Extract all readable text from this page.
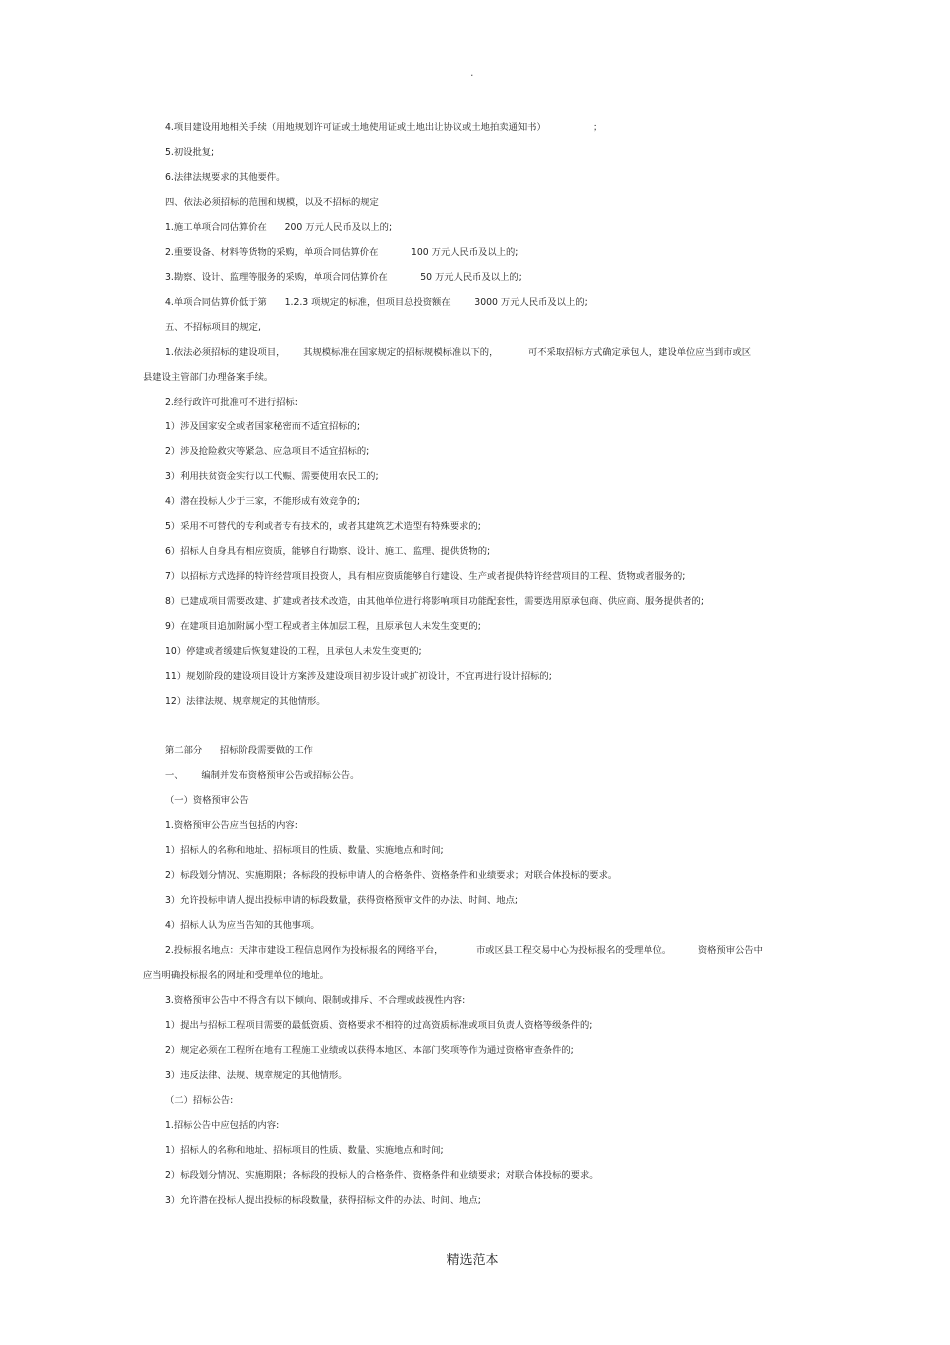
.
4.项目建设用地相关手续（用地规划许可证或土地使用证或土地出让协议或土地拍卖通知书）                ；
5.初设批复;
6.法律法规要求的其他要件。
四、依法必须招标的范围和规模，以及不招标的规定
1.施工单项合同估算价在      200 万元人民币及以上的;
2.重要设备、材料等货物的采购，单项合同估算价在           100 万元人民币及以上的;
3.勘察、设计、监理等服务的采购，单项合同估算价在           50 万元人民币及以上的;
4.单项合同估算价低于第      1.2.3 项规定的标准，但项目总投资额在        3000 万元人民币及以上的;
五、不招标项目的规定,
1.依法必须招标的建设项目，      其规模标准在国家规定的招标规模标准以下的，          可不采取招标方式确定承包人，建设单位应当到市或区
县建设主管部门办理备案手续。
2.经行政许可批准可不进行招标:
1）涉及国家安全或者国家秘密而不适宜招标的;
2）涉及抢险救灾等紧急、应急项目不适宜招标的;
3）利用扶贫资金实行以工代赈、需要使用农民工的;
4）潜在投标人少于三家，不能形成有效竞争的;
5）采用不可替代的专利或者专有技术的，或者其建筑艺术造型有特殊要求的;
6）招标人自身具有相应资质，能够自行勘察、设计、施工、监理、提供货物的;
7）以招标方式选择的特许经营项目投资人，具有相应资质能够自行建设、生产或者提供特许经营项目的工程、货物或者服务的;
8）已建成项目需要改建、扩建或者技术改造，由其他单位进行将影响项目功能配套性，需要选用原承包商、供应商、服务提供者的;
9）在建项目追加附属小型工程或者主体加层工程，且原承包人未发生变更的;
10）停建或者缓建后恢复建设的工程，且承包人未发生变更的;
11）规划阶段的建设项目设计方案涉及建设项目初步设计或扩初设计，不宜再进行设计招标的;
12）法律法规、规章规定的其他情形。
第二部分      招标阶段需要做的工作
一、      编制并发布资格预审公告或招标公告。
（一）资格预审公告
1.资格预审公告应当包括的内容:
1）招标人的名称和地址、招标项目的性质、数量、实施地点和时间;
2）标段划分情况、实施期限；各标段的投标申请人的合格条件、资格条件和业绩要求；对联合体投标的要求。
3）允许投标申请人提出投标申请的标段数量，获得资格预审文件的办法、时间、地点;
4）招标人认为应当告知的其他事项。
2.投标报名地点：天津市建设工程信息网作为投标报名的网络平台，           市或区县工程交易中心为投标报名的受理单位。         资格预审公告中
应当明确投标报名的网址和受理单位的地址。
3.资格预审公告中不得含有以下倾向、限制或排斥、不合理或歧视性内容:
1）提出与招标工程项目需要的最低资质、资格要求不相符的过高资质标准或项目负责人资格等级条件的;
2）规定必须在工程所在地有工程施工业绩或以获得本地区、本部门奖项等作为通过资格审查条件的;
3）违反法律、法规、规章规定的其他情形。
（二）招标公告:
1.招标公告中应包括的内容:
1）招标人的名称和地址、招标项目的性质、数量、实施地点和时间;
2）标段划分情况、实施期限；各标段的投标人的合格条件、资格条件和业绩要求；对联合体投标的要求。
3）允许潜在投标人提出投标的标段数量，获得招标文件的办法、时间、地点;
精选范本
